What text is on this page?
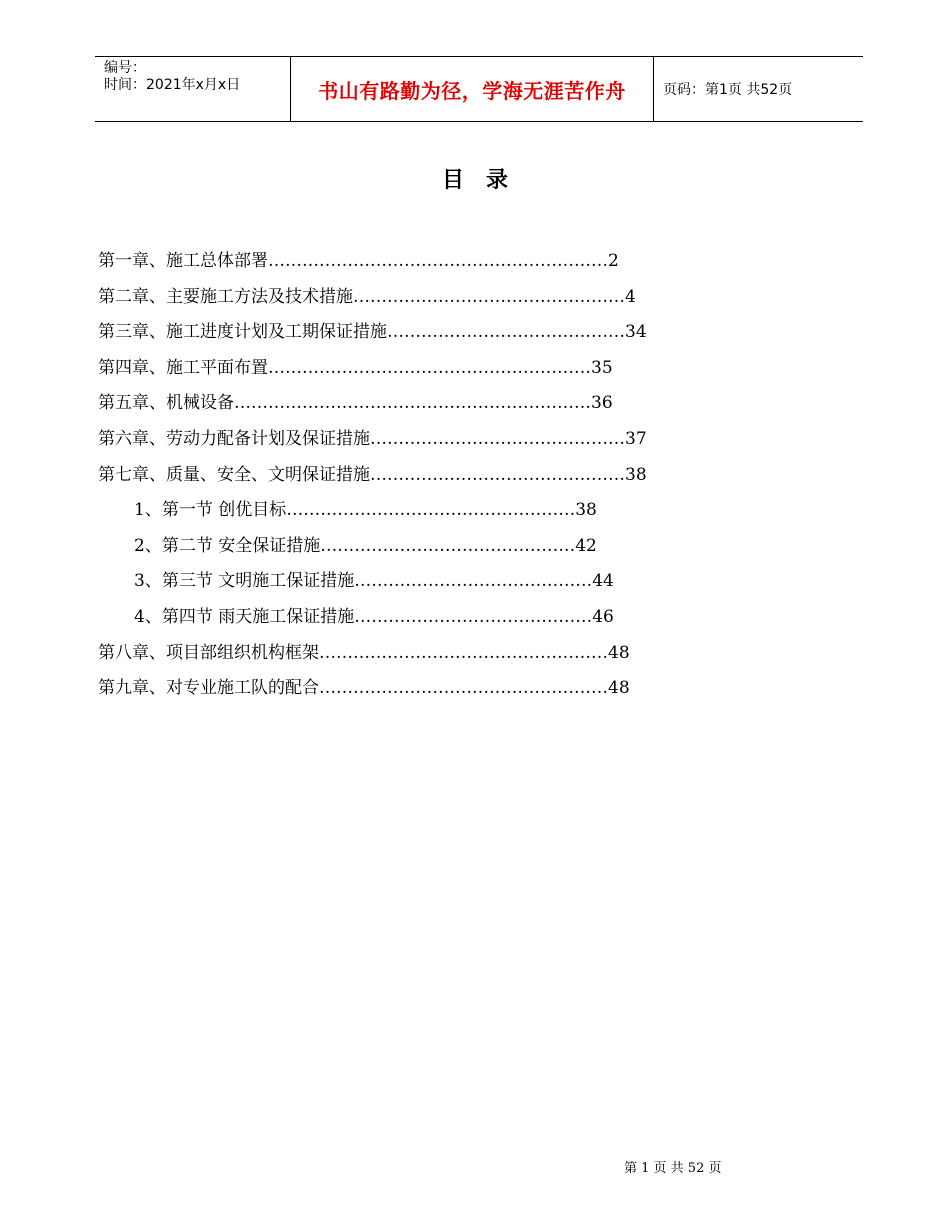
编号：
时间：2021年x月x日	书山有路勤为径，学海无涯苦作舟	页码：第1页 共52页
目录
第一章、施工总体部署……………………………………………………2
第二章、主要施工方法及技术措施…………………………………………4
第三章、施工进度计划及工期保证措施……………………………………34
第四章、施工平面布置…………………………………………………35
第五章、机械设备………………………………………………………36
第六章、劳动力配备计划及保证措施………………………………………37
第七章、质量、安全、文明保证措施………………………………………38
1、第一节 创优目标……………………………………………38
2、第二节 安全保证措施………………………………………42
3、第三节 文明施工保证措施……………………………………44
4、第四节 雨天施工保证措施……………………………………46
第八章、项目部组织机构框架……………………………………………48
第九章、对专业施工队的配合……………………………………………48
第 1 页 共 52 页
